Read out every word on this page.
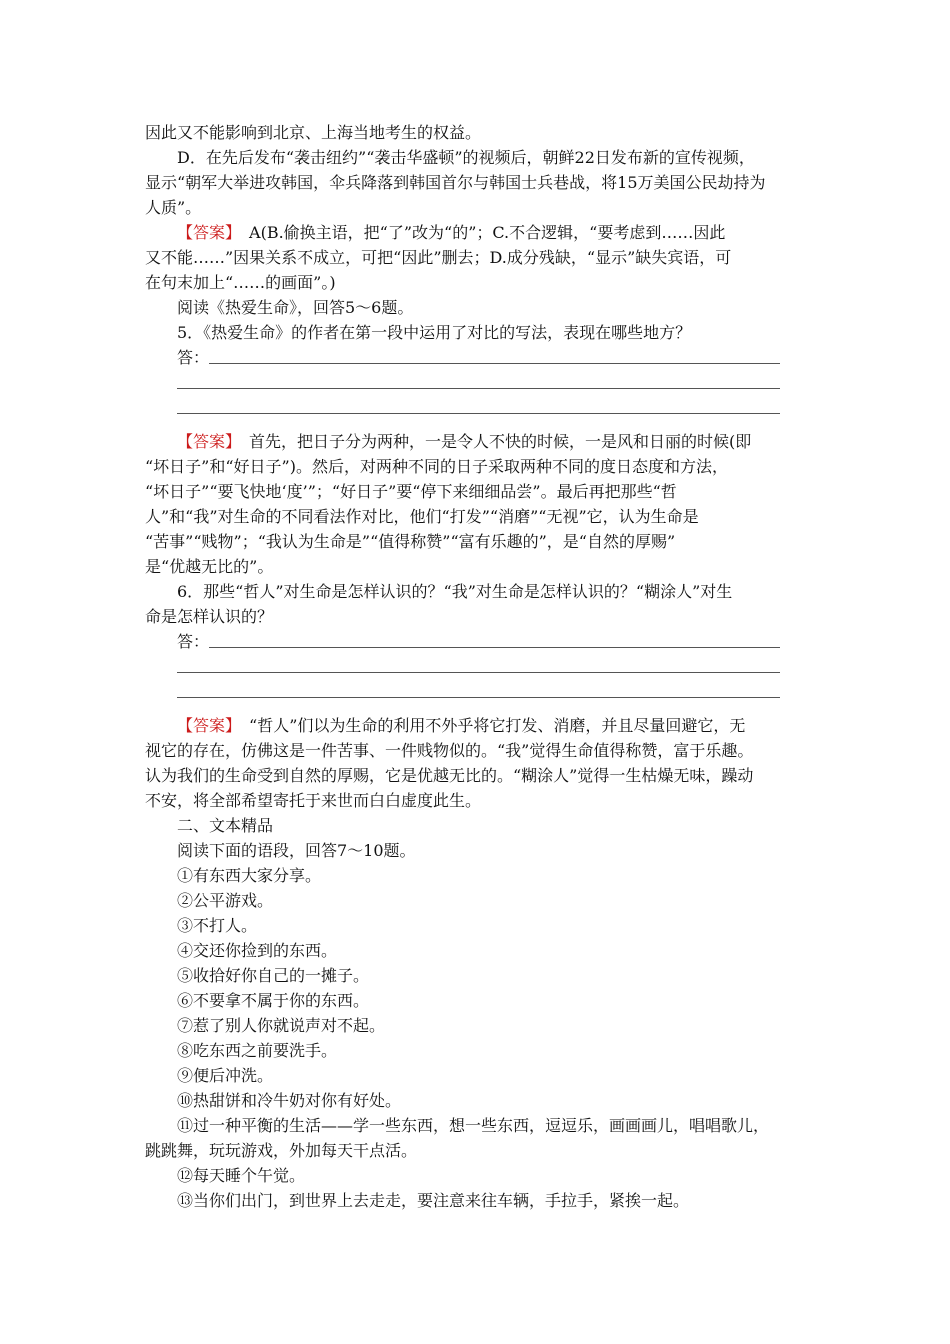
因此又不能影响到北京、上海当地考生的权益。
D．在先后发布“袭击纽约”“袭击华盛顿”的视频后，朝鲜22日发布新的宣传视频，
显示“朝军大举进攻韩国，伞兵降落到韩国首尔与韩国士兵巷战，将15万美国公民劫持为
人质”。
【答案】　A(B.偷换主语，把“了”改为“的”；C.不合逻辑，“要考虑到……因此
又不能……”因果关系不成立，可把“因此”删去；D.成分残缺，“显示”缺失宾语，可
在句末加上“……的画面”。)
阅读《热爱生命》，回答5～6题。
5．《热爱生命》的作者在第一段中运用了对比的写法，表现在哪些地方？
答：
【答案】　首先，把日子分为两种，一是令人不快的时候，一是风和日丽的时候(即
“坏日子”和“好日子”)。然后，对两种不同的日子采取两种不同的度日态度和方法，
“坏日子”“要飞快地‘度’”；“好日子”要“停下来细细品尝”。最后再把那些“哲
人”和“我”对生命的不同看法作对比，他们“打发”“消磨”“无视”它，认为生命是
“苦事”“贱物”；“我认为生命是”“值得称赞”“富有乐趣的”，是“自然的厚赐”
是“优越无比的”。
6．那些“哲人”对生命是怎样认识的？“我”对生命是怎样认识的？“糊涂人”对生
命是怎样认识的？
答：
【答案】　“哲人”们以为生命的利用不外乎将它打发、消磨，并且尽量回避它，无
视它的存在，仿佛这是一件苦事、一件贱物似的。“我”觉得生命值得称赞，富于乐趣。
认为我们的生命受到自然的厚赐，它是优越无比的。“糊涂人”觉得一生枯燥无味，躁动
不安，将全部希望寄托于来世而白白虚度此生。
二、文本精品
阅读下面的语段，回答7～10题。
①有东西大家分享。
②公平游戏。
③不打人。
④交还你捡到的东西。
⑤收拾好你自己的一摊子。
⑥不要拿不属于你的东西。
⑦惹了别人你就说声对不起。
⑧吃东西之前要洗手。
⑨便后冲洗。
⑩热甜饼和冷牛奶对你有好处。
⑪过一种平衡的生活——学一些东西，想一些东西，逗逗乐，画画画儿，唱唱歌儿，
跳跳舞，玩玩游戏，外加每天干点活。
⑫每天睡个午觉。
⑬当你们出门，到世界上去走走，要注意来往车辆，手拉手，紧挨一起。
